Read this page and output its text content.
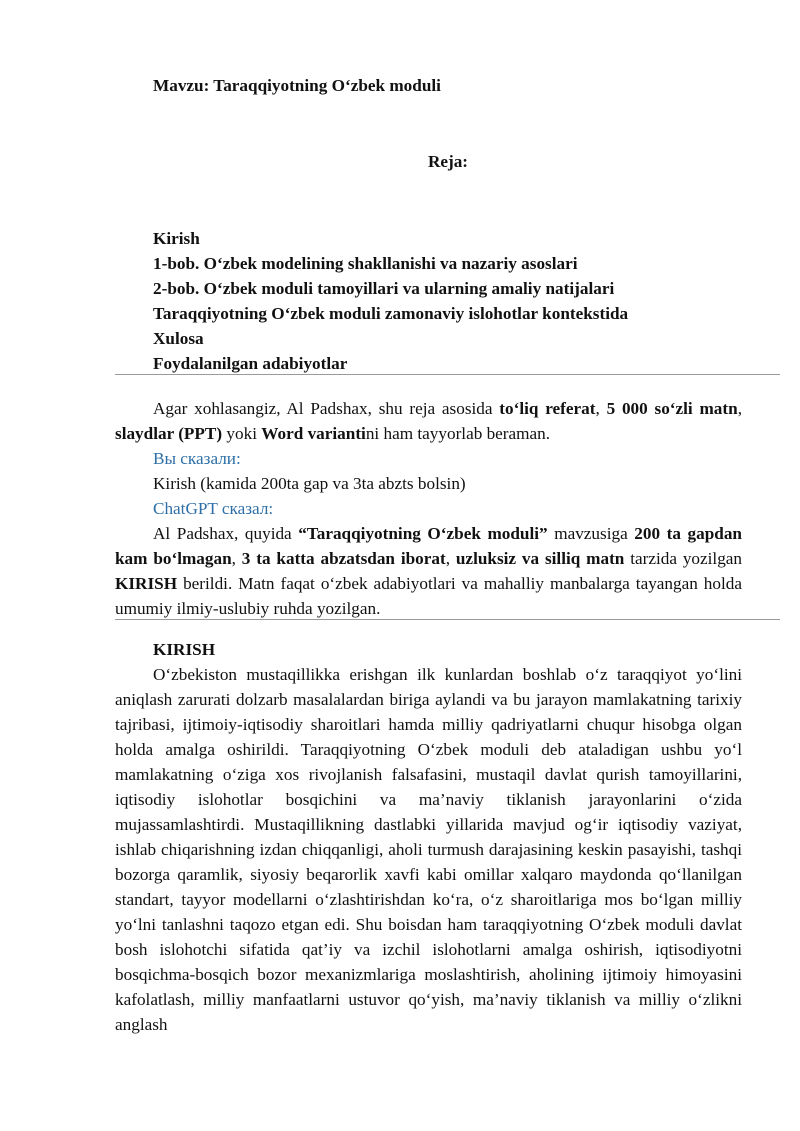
Mavzu: Taraqqiyotning O‘zbek moduli
Reja:
Kirish
1-bob. O‘zbek modelining shakllanishi va nazariy asoslari
2-bob. O‘zbek moduli tamoyillari va ularning amaliy natijalari
Taraqqiyotning O‘zbek moduli zamonaviy islohotlar kontekstida
Xulosa
Foydalanilgan adabiyotlar

Agar xohlasangiz, Al Padshax, shu reja asosida to‘liq referat, 5 000 so‘zli matn, slaydlar (PPT) yoki Word variantini ham tayyorlab beraman.

Вы сказали:
Kirish (kamida 200ta gap va 3ta abzts bolsin)
ChatGPT сказал:

Al Padshax, quyida “Taraqqiyotning O‘zbek moduli” mavzusiga 200 ta gapdan kam bo‘lmagan, 3 ta katta abzatsdan iborat, uzluksiz va silliq matn tarzida yozilgan KIRISH berildi. Matn faqat o‘zbek adabiyotlari va mahalliy manbalarga tayangan holda umumiy ilmiy-uslubiy ruhda yozilgan.

KIRISH

O‘zbekiston mustaqillikka erishgan ilk kunlardan boshlab o‘z taraqqiyot yo‘lini aniqlash zarurati dolzarb masalalardan biriga aylandi va bu jarayon mamlakatning tarixiy tajribasi, ijtimoiy-iqtisodiy sharoitlari hamda milliy qadriyatlarni chuqur hisobga olgan holda amalga oshirildi. Taraqqiyotning O‘zbek moduli deb ataladigan ushbu yo‘l mamlakatning o‘ziga xos rivojlanish falsafasini, mustaqil davlat qurish tamoyillarini, iqtisodiy islohotlar bosqichini va ma’naviy tiklanish jarayonlarini o‘zida mujassamlashtirdi. Mustaqillikning dastlabki yillarida mavjud og‘ir iqtisodiy vaziyat, ishlab chiqarishning izdan chiqqanligi, aholi turmush darajasining keskin pasayishi, tashqi bozorga qaramlik, siyosiy beqarorlik xavfi kabi omillar xalqaro maydonda qo‘llanilgan standart, tayyor modellarni o‘zlashtirishdan ko‘ra, o‘z sharoitlariga mos bo‘lgan milliy yo‘lni tanlashni taqozo etgan edi. Shu boisdan ham taraqqiyotning O‘zbek moduli davlat bosh islohotchi sifatida qat’iy va izchil islohotlarni amalga oshirish, iqtisodiyotni bosqichma-bosqich bozor mexanizmlariga moslashtirish, aholining ijtimoiy himoyasini kafolatlash, milliy manfaatlarni ustuvor qo‘yish, ma’naviy tiklanish va milliy o‘zlikni anglash
